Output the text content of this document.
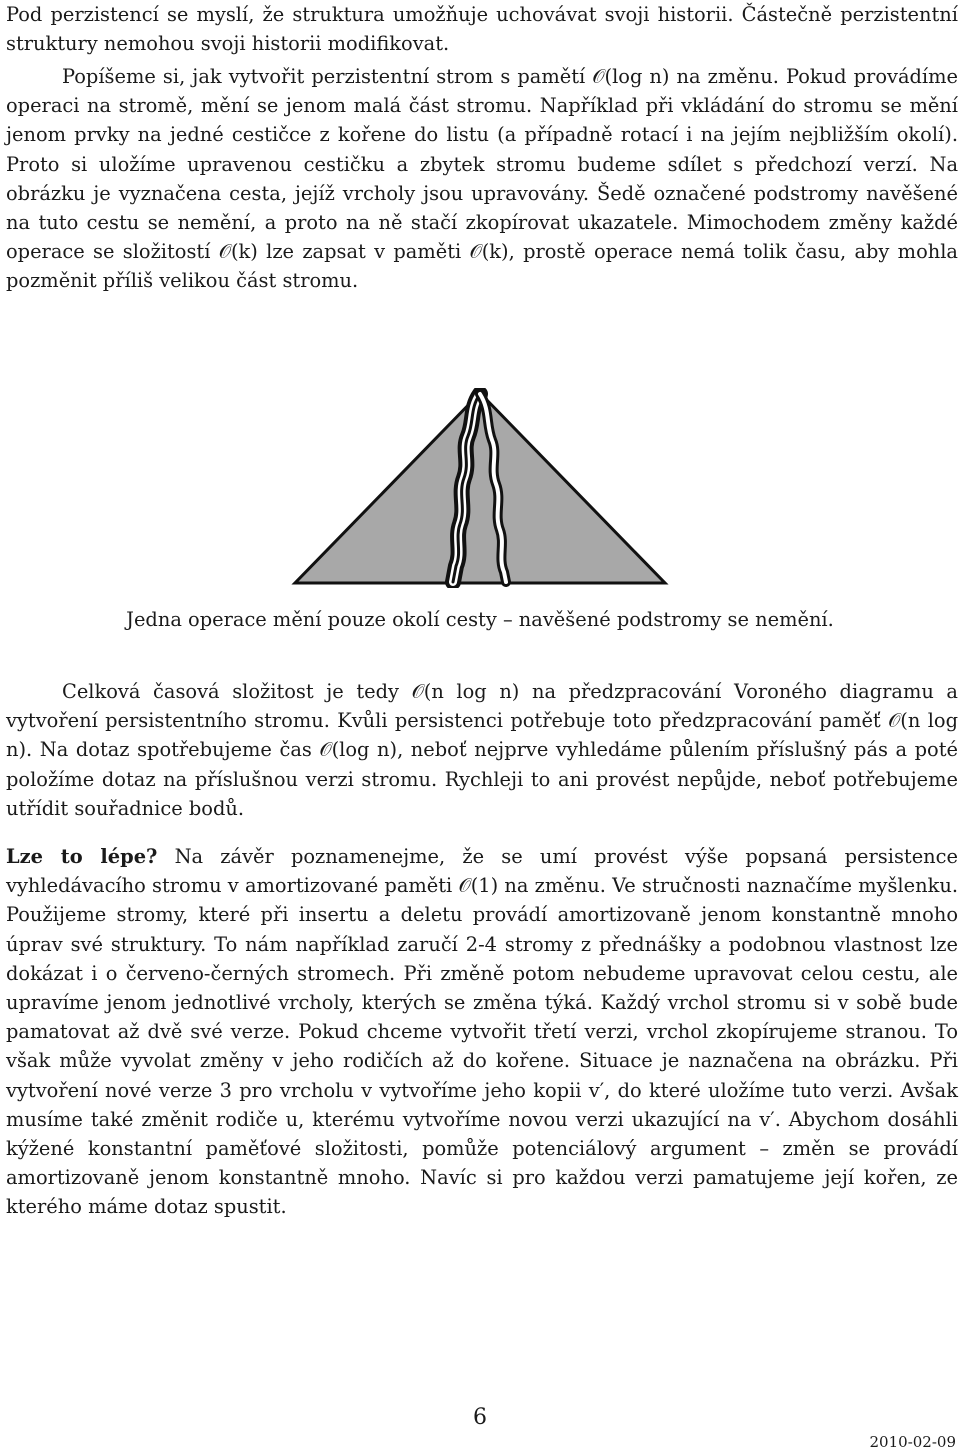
Pod perzistencí se myslí, že struktura umožňuje uchovávat svoji historii. Částečně perzistentní struktury nemohou svoji historii modifikovat.

Popíšeme si, jak vytvořit perzistentní strom s pamětí 𝒪(log n) na změnu. Pokud provádíme operaci na stromě, mění se jenom malá část stromu. Například při vkládání do stromu se mění jenom prvky na jedné cestičce z kořene do listu (a případně rotací i na jejím nejbližším okolí). Proto si uložíme upravenou cestičku a zbytek stromu budeme sdílet s předchozí verzí. Na obrázku je vyznačena cesta, jejíž vrcholy jsou upravovány. Šedě označené podstromy navěšené na tuto cestu se nemění, a proto na ně stačí zkopírovat ukazatele. Mimochodem změny každé operace se složitostí 𝒪(k) lze zapsat v paměti 𝒪(k), prostě operace nemá tolik času, aby mohla pozměnit příliš velikou část stromu.

Jedna operace mění pouze okolí cesty – navěšené podstromy se nemění.

Celková časová složitost je tedy 𝒪(n log n) na předzpracování Voroného diagramu a vytvoření persistentního stromu. Kvůli persistenci potřebuje toto předzpracování paměť 𝒪(n log n). Na dotaz spotřebujeme čas 𝒪(log n), neboť nejprve vyhledáme půlením příslušný pás a poté položíme dotaz na příslušnou verzi stromu. Rychleji to ani provést nepůjde, neboť potřebujeme utřídit souřadnice bodů.

Lze to lépe? Na závěr poznamenejme, že se umí provést výše popsaná persistence vyhledávacího stromu v amortizované paměti 𝒪(1) na změnu. Ve stručnosti naznačíme myšlenku. Použijeme stromy, které při insertu a deletu provádí amortizovaně jenom konstantně mnoho úprav své struktury. To nám například zaručí 2-4 stromy z přednášky a podobnou vlastnost lze dokázat i o červeno-černých stromech. Při změně potom nebudeme upravovat celou cestu, ale upravíme jenom jednotlivé vrcholy, kterých se změna týká. Každý vrchol stromu si v sobě bude pamatovat až dvě své verze. Pokud chceme vytvořit třetí verzi, vrchol zkopírujeme stranou. To však může vyvolat změny v jeho rodičích až do kořene. Situace je naznačena na obrázku. Při vytvoření nové verze 3 pro vrcholu v vytvoříme jeho kopii v′, do které uložíme tuto verzi. Avšak musíme také změnit rodiče u, kterému vytvoříme novou verzi ukazující na v′. Abychom dosáhli kýžené konstantní paměťové složitosti, pomůže potenciálový argument – změn se provádí amortizovaně jenom konstantně mnoho. Navíc si pro každou verzi pamatujeme její kořen, ze kterého máme dotaz spustit.

6
2010-02-09
